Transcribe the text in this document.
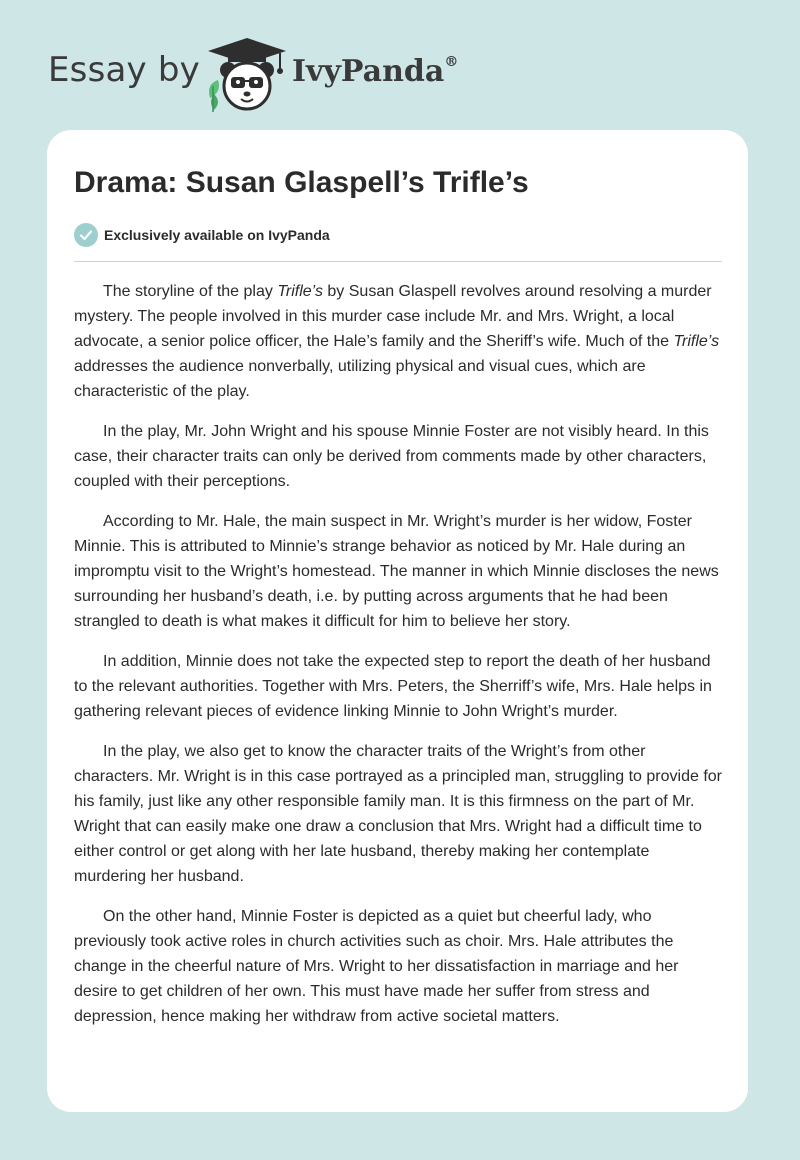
Essay by	IvyPanda®
Drama: Susan Glaspell’s Trifle’s
Exclusively available on IvyPanda

The storyline of the play Trifle’s by Susan Glaspell revolves around resolving a murder mystery. The people involved in this murder case include Mr. and Mrs. Wright, a local advocate, a senior police officer, the Hale’s family and the Sheriff’s wife. Much of the Trifle’s addresses the audience nonverbally, utilizing physical and visual cues, which are characteristic of the play.

In the play, Mr. John Wright and his spouse Minnie Foster are not visibly heard. In this case, their character traits can only be derived from comments made by other characters, coupled with their perceptions.

According to Mr. Hale, the main suspect in Mr. Wright’s murder is her widow, Foster Minnie. This is attributed to Minnie’s strange behavior as noticed by Mr. Hale during an impromptu visit to the Wright’s homestead. The manner in which Minnie discloses the news surrounding her husband’s death, i.e. by putting across arguments that he had been strangled to death is what makes it difficult for him to believe her story.

In addition, Minnie does not take the expected step to report the death of her husband to the relevant authorities. Together with Mrs. Peters, the Sherriff’s wife, Mrs. Hale helps in gathering relevant pieces of evidence linking Minnie to John Wright’s murder.

In the play, we also get to know the character traits of the Wright’s from other characters. Mr. Wright is in this case portrayed as a principled man, struggling to provide for his family, just like any other responsible family man. It is this firmness on the part of Mr. Wright that can easily make one draw a conclusion that Mrs. Wright had a difficult time to either control or get along with her late husband, thereby making her contemplate murdering her husband.

On the other hand, Minnie Foster is depicted as a quiet but cheerful lady, who previously took active roles in church activities such as choir. Mrs. Hale attributes the change in the cheerful nature of Mrs. Wright to her dissatisfaction in marriage and her desire to get children of her own. This must have made her suffer from stress and depression, hence making her withdraw from active societal matters.
